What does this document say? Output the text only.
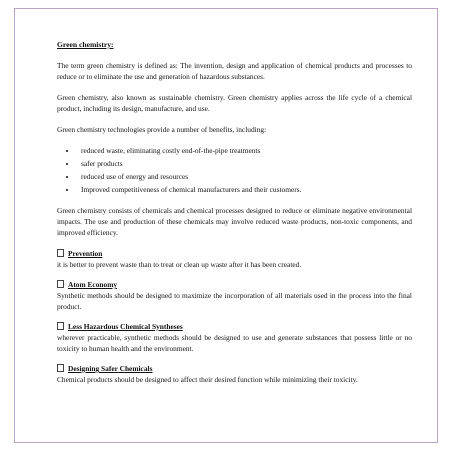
Green chemistry:

The term green chemistry is defined as: The invention, design and application of chemical products and processes to reduce or to eliminate the use and generation of hazardous substances.

Green chemistry, also known as sustainable chemistry. Green chemistry applies across the life cycle of a chemical product, including its design, manufacture, and use.

Green chemistry technologies provide a number of benefits, including:

• reduced waste, eliminating costly end-of-the-pipe treatments
• safer products
• reduced use of energy and resources
• Improved competitiveness of chemical manufacturers and their customers.

Green chemistry consists of chemicals and chemical processes designed to reduce or eliminate negative environmental impacts. The use and production of these chemicals may involve reduced waste products, non-toxic components, and improved efficiency.

Prevention
it is better to prevent waste than to treat or clean up waste after it has been created.
Atom Economy
Synthetic methods should be designed to maximize the incorporation of all materials used in the process into the final product.
Less Hazardous Chemical Syntheses
wherever practicable, synthetic methods should be designed to use and generate substances that possess little or no toxicity to human health and the environment.
Designing Safer Chemicals
Chemical products should be designed to affect their desired function while minimizing their toxicity.
